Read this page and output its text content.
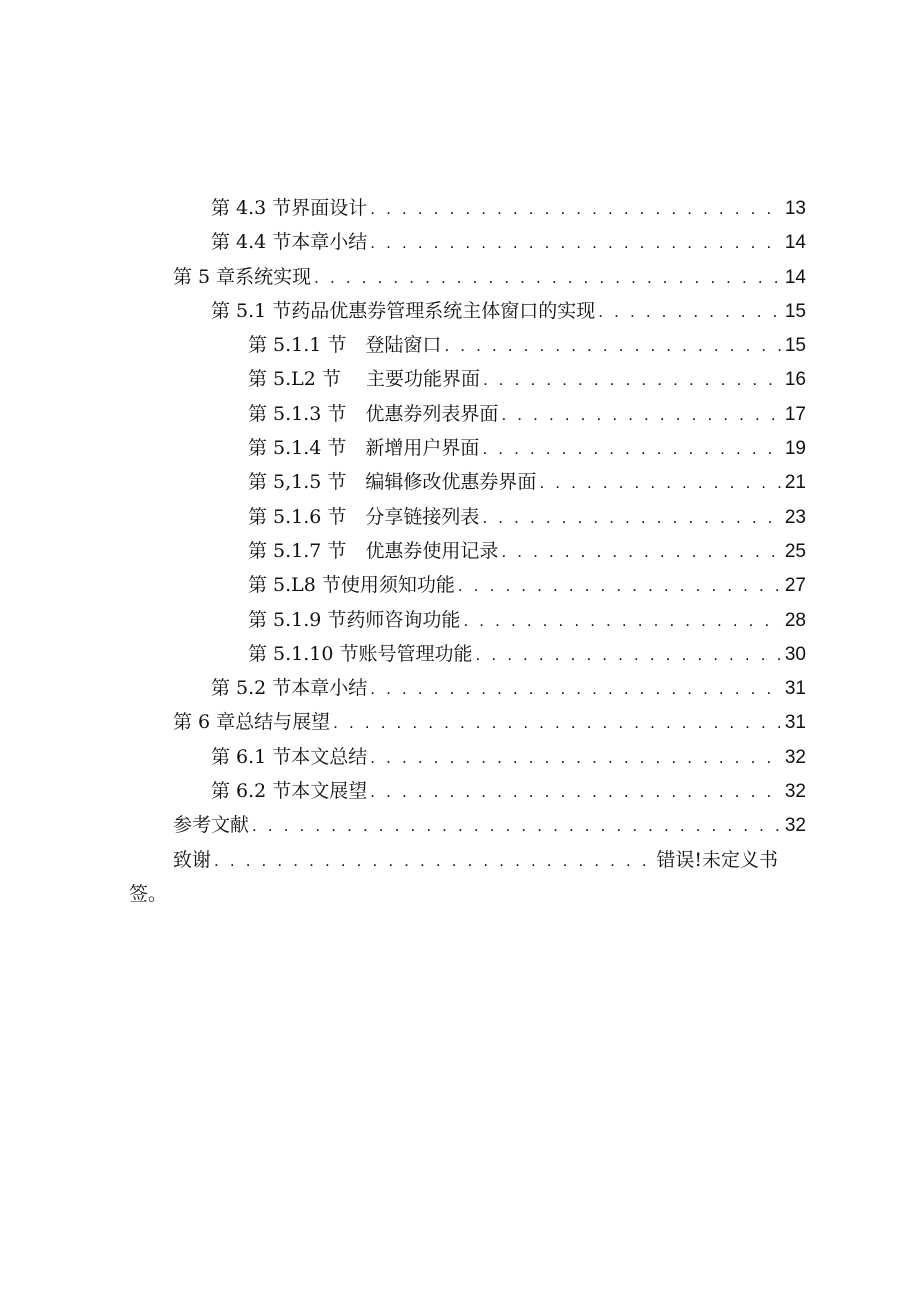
第 4.3 节界面设计 . . .	13
第 4.4 节本章小结 . . .	14
第 5 章系统实现 . . .	14
第 5.1 节药品优惠券管理系统主体窗口的实现 . . .	15
第 5.1.1 节　登陆窗口 . . .	15
第 5.L2 节　 主要功能界面 . . .	16
第 5.1.3 节　优惠券列表界面 . . .	17
第 5.1.4 节　新增用户界面 . . .	19
第 5,1.5 节　编辑修改优惠券界面 . . .	21
第 5.1.6 节　分享链接列表 . . .	23
第 5.1.7 节　优惠券使用记录 . . .	25
第 5.L8 节使用须知功能 . . .	27
第 5.1.9 节药师咨询功能 . . .	28
第 5.1.10 节账号管理功能 . . .	30
第 5.2 节本章小结 . . .	31
第 6 章总结与展望 . . .	31
第 6.1 节本文总结 . . .	32
第 6.2 节本文展望 . . .	32
参考文献 . . .	32
致谢 . . .	错误!未定义书
签。
